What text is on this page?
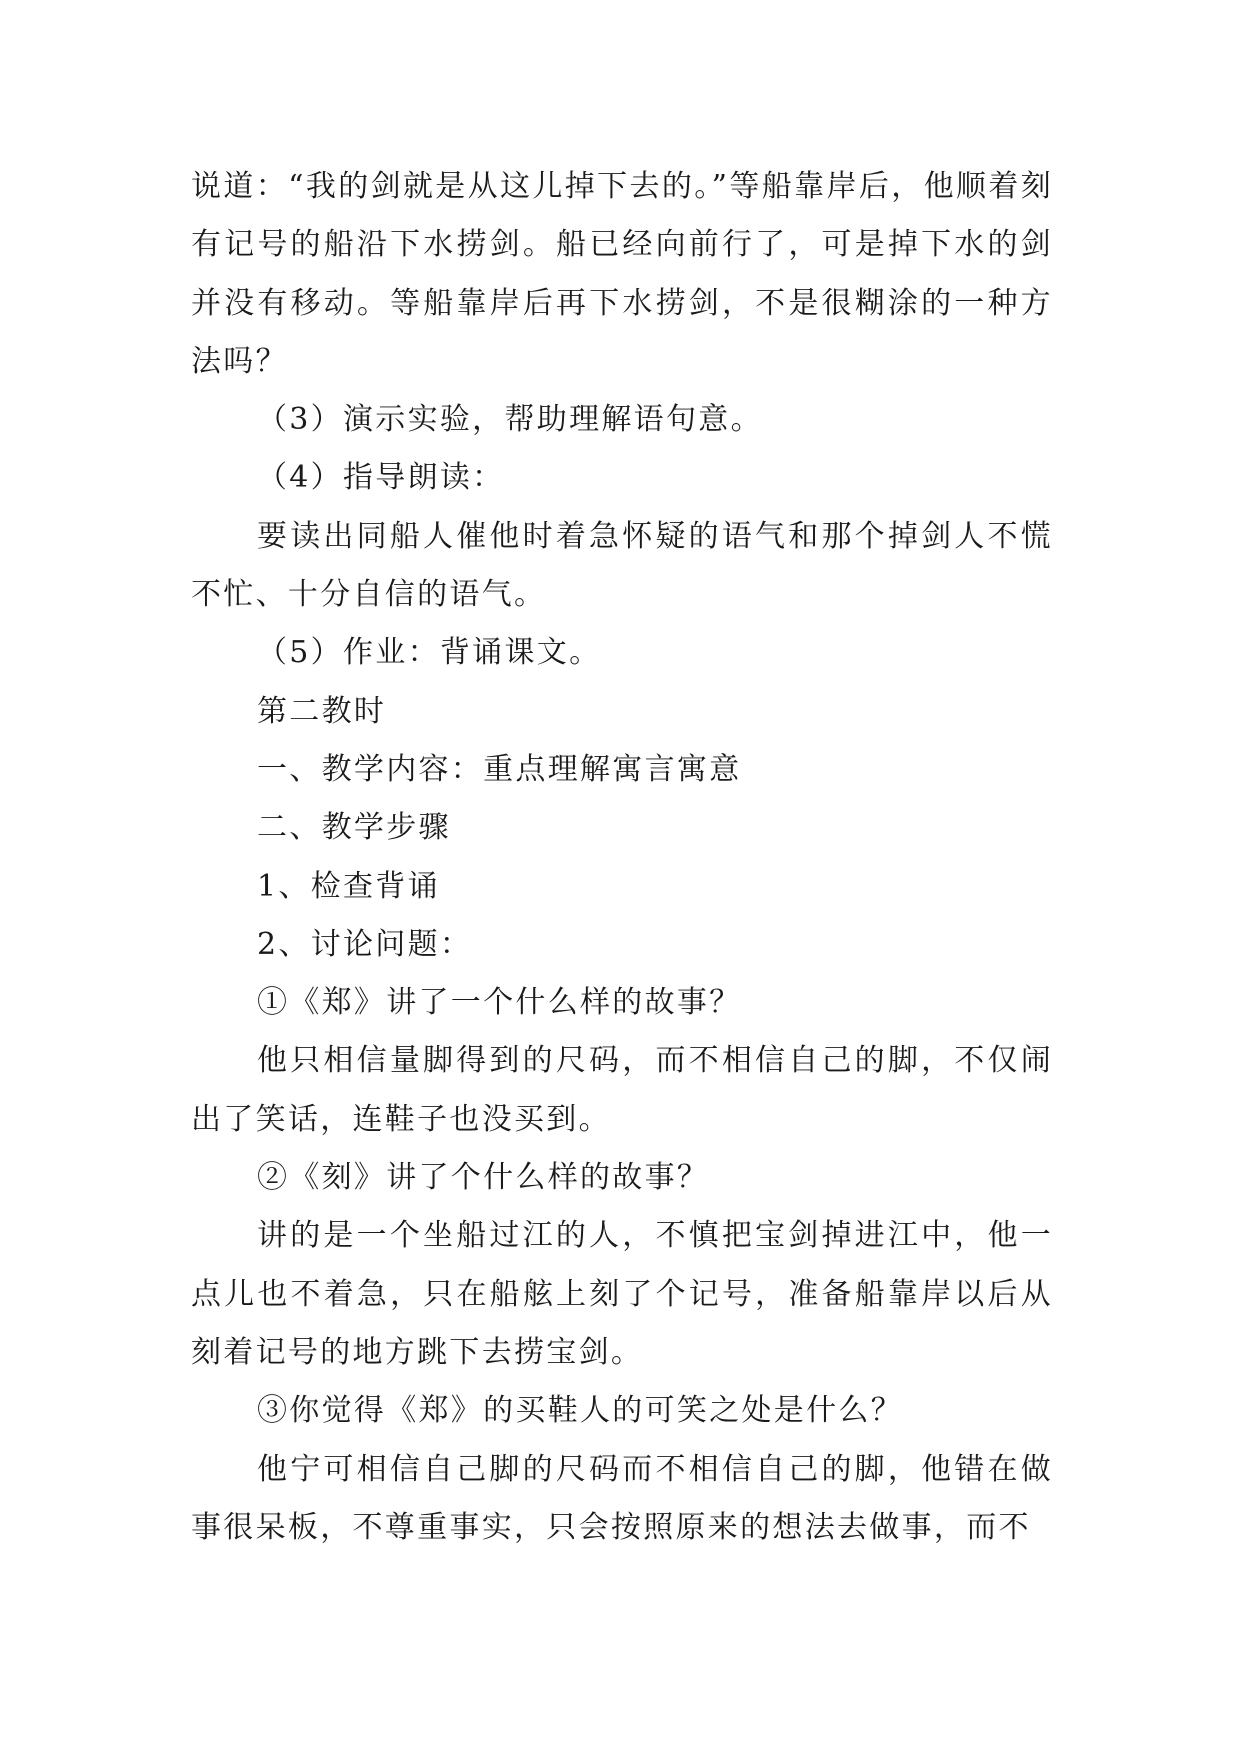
说道：“我的剑就是从这儿掉下去的。”等船靠岸后，他顺着刻有记号的船沿下水捞剑。船已经向前行了，可是掉下水的剑并没有移动。等船靠岸后再下水捞剑，不是很糊涂的一种方法吗？

（3）演示实验，帮助理解语句意。

（4）指导朗读：

要读出同船人催他时着急怀疑的语气和那个掉剑人不慌不忙、十分自信的语气。

（5）作业：背诵课文。

第二教时

一、教学内容：重点理解寓言寓意

二、教学步骤

1、检查背诵

2、讨论问题：

①《郑》讲了一个什么样的故事？

他只相信量脚得到的尺码，而不相信自己的脚，不仅闹出了笑话，连鞋子也没买到。

②《刻》讲了个什么样的故事？

讲的是一个坐船过江的人，不慎把宝剑掉进江中，他一点儿也不着急，只在船舷上刻了个记号，准备船靠岸以后从刻着记号的地方跳下去捞宝剑。

③你觉得《郑》的买鞋人的可笑之处是什么？

他宁可相信自己脚的尺码而不相信自己的脚，他错在做事很呆板，不尊重事实，只会按照原来的想法去做事，而不
